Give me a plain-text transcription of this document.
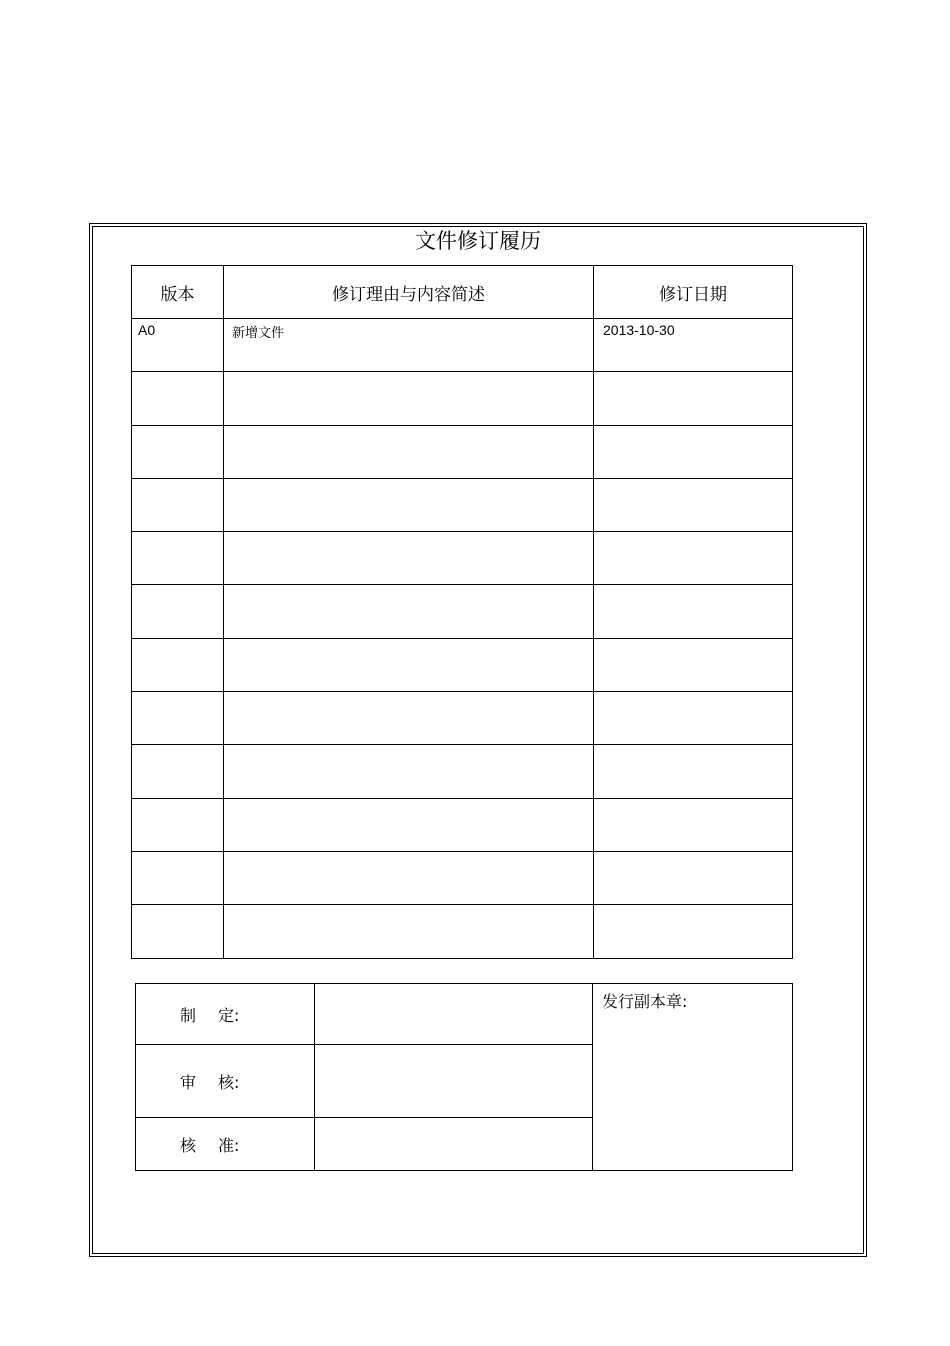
文件修订履历
版本	修订理由与内容简述	修订日期
A0	新增文件	2013-10-30

制 定:		发行副本章:
审 核:		
核 准:		
